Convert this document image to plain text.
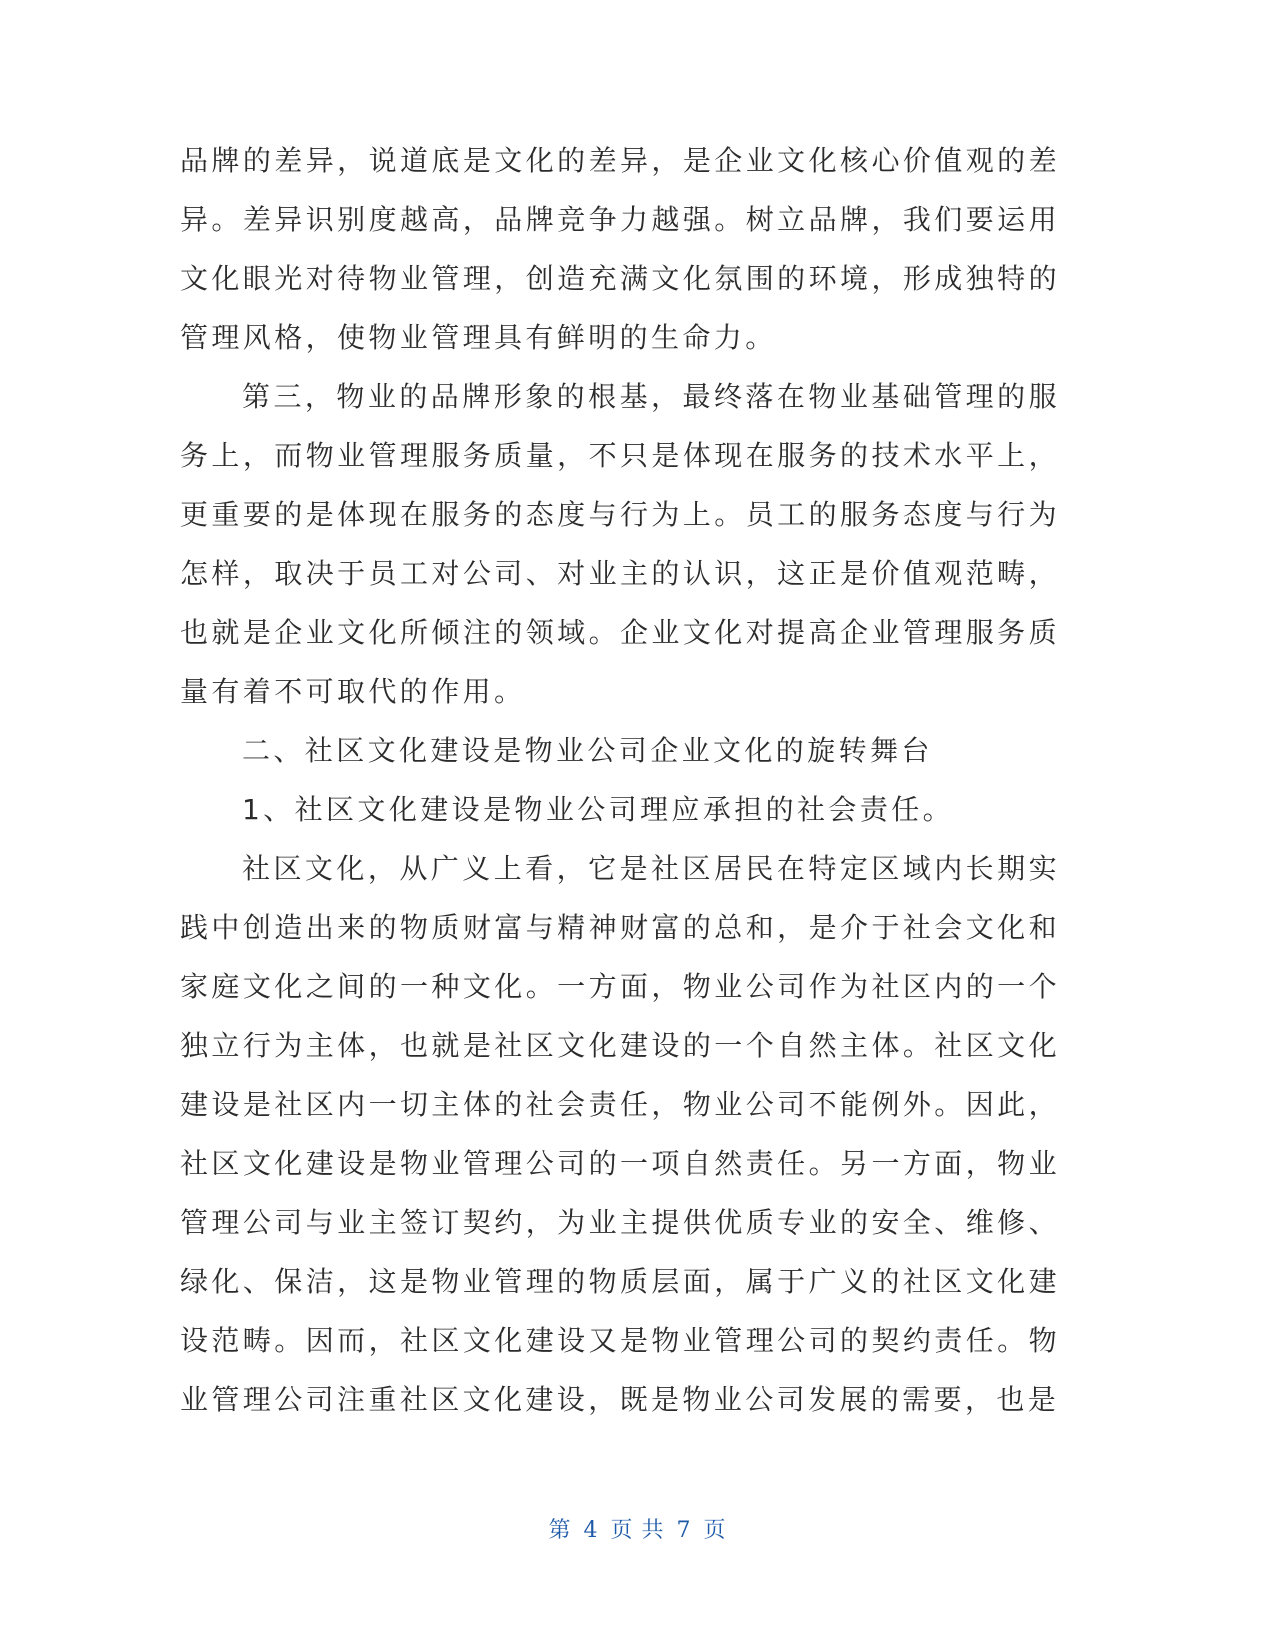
品牌的差异，说道底是文化的差异，是企业文化核心价值观的差异。差异识别度越高，品牌竞争力越强。树立品牌，我们要运用文化眼光对待物业管理，创造充满文化氛围的环境，形成独特的管理风格，使物业管理具有鲜明的生命力。

第三，物业的品牌形象的根基，最终落在物业基础管理的服务上，而物业管理服务质量，不只是体现在服务的技术水平上，更重要的是体现在服务的态度与行为上。员工的服务态度与行为怎样，取决于员工对公司、对业主的认识，这正是价值观范畴，也就是企业文化所倾注的领域。企业文化对提高企业管理服务质量有着不可取代的作用。

二、社区文化建设是物业公司企业文化的旋转舞台

1、社区文化建设是物业公司理应承担的社会责任。

社区文化，从广义上看，它是社区居民在特定区域内长期实践中创造出来的物质财富与精神财富的总和，是介于社会文化和家庭文化之间的一种文化。一方面，物业公司作为社区内的一个独立行为主体，也就是社区文化建设的一个自然主体。社区文化建设是社区内一切主体的社会责任，物业公司不能例外。因此，社区文化建设是物业管理公司的一项自然责任。另一方面，物业管理公司与业主签订契约，为业主提供优质专业的安全、维修、绿化、保洁，这是物业管理的物质层面，属于广义的社区文化建设范畴。因而，社区文化建设又是物业管理公司的契约责任。物业管理公司注重社区文化建设，既是物业公司发展的需要，也是

第 4 页 共 7 页
